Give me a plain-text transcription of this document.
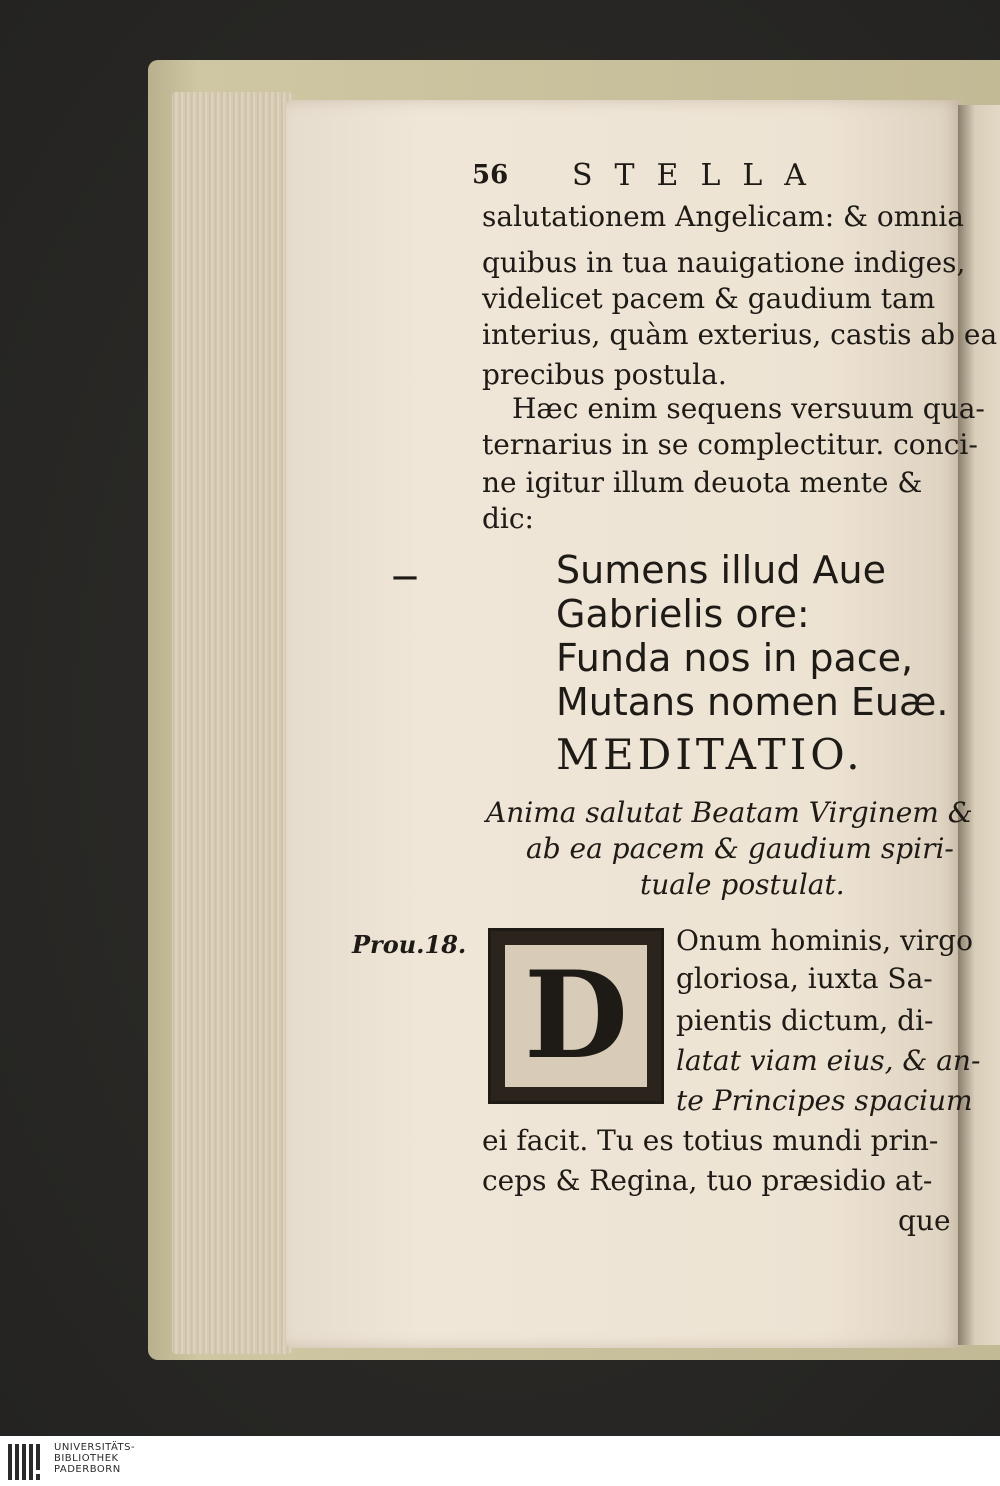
56 STELLA
salutationem Angelicam: & omnia
quibus in tua nauigatione indiges,
videlicet pacem & gaudium tam
interius, quàm exterius, castis ab ea
precibus postula.
Hæc enim sequens versuum qua-
ternarius in se complectitur. conci-
ne igitur illum deuota mente &
dic:
—	Sumens illud Aue
Gabrielis ore:
Funda nos in pace,
Mutans nomen Euæ.
MEDITATIO.
Anima salutat Beatam Virginem &
ab ea pacem & gaudium spiri-
tuale postulat.
Prou.18.
D
Onum hominis, virgo
gloriosa, iuxta Sa-
pientis dictum, di-
latat viam eius, & an-
te Principes spacium
ei facit. Tu es totius mundi prin-
ceps & Regina, tuo præsidio at-
que
UNIVERSITÄTS-
BIBLIOTHEK
PADERBORN
